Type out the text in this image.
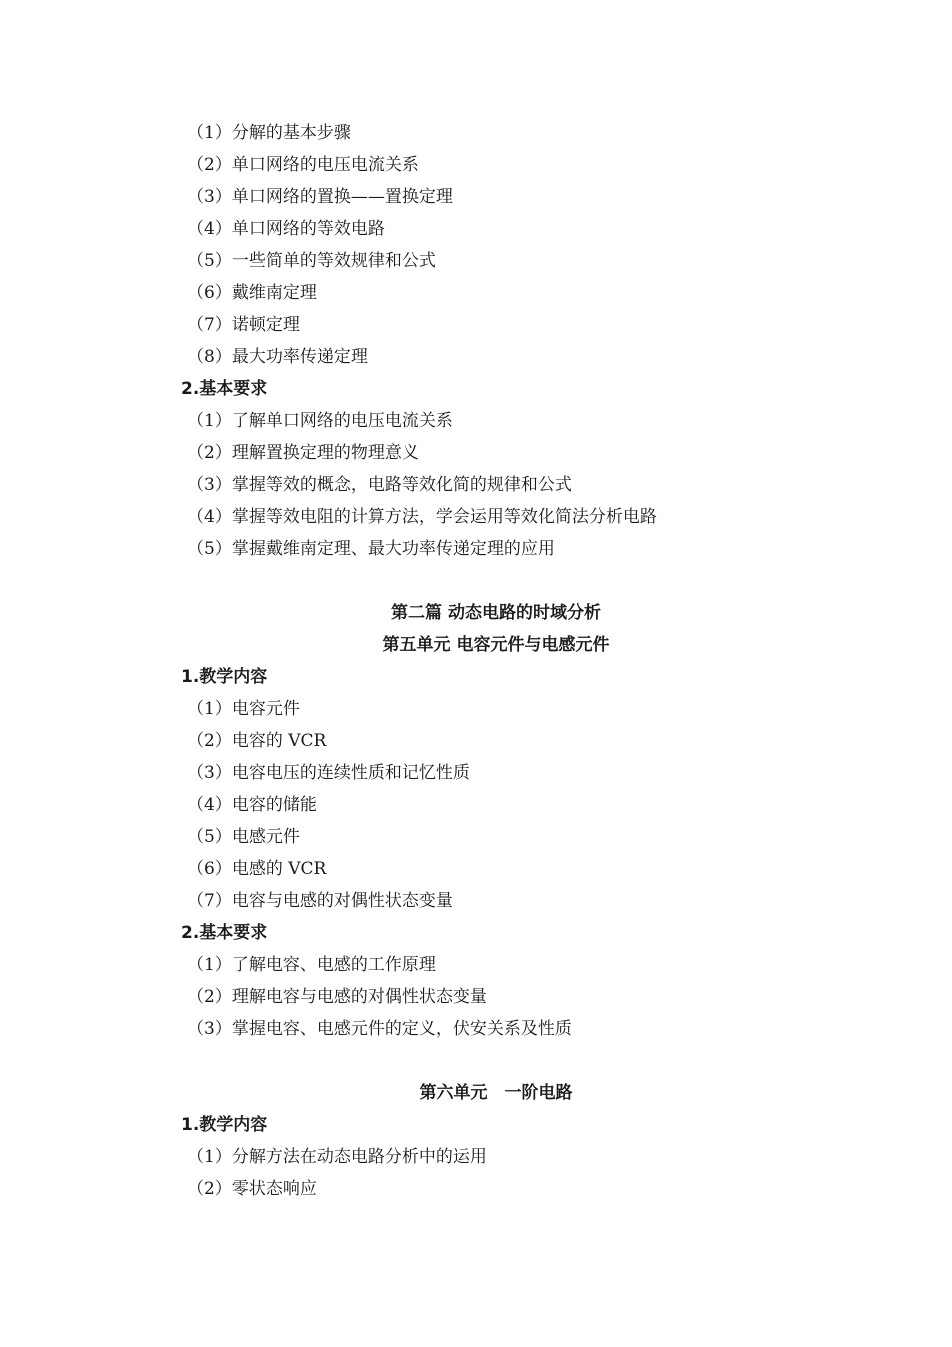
（1）分解的基本步骤
（2）单口网络的电压电流关系
（3）单口网络的置换——置换定理
（4）单口网络的等效电路
（5）一些简单的等效规律和公式
（6）戴维南定理
（7）诺顿定理
（8）最大功率传递定理
2.基本要求
（1）了解单口网络的电压电流关系
（2）理解置换定理的物理意义
（3）掌握等效的概念，电路等效化简的规律和公式
（4）掌握等效电阻的计算方法，学会运用等效化简法分析电路
（5）掌握戴维南定理、最大功率传递定理的应用
第二篇 动态电路的时域分析
第五单元 电容元件与电感元件
1.教学内容
（1）电容元件
（2）电容的 VCR
（3）电容电压的连续性质和记忆性质
（4）电容的储能
（5）电感元件
（6）电感的 VCR
（7）电容与电感的对偶性状态变量
2.基本要求
（1）了解电容、电感的工作原理
（2）理解电容与电感的对偶性状态变量
（3）掌握电容、电感元件的定义，伏安关系及性质
第六单元　一阶电路
1.教学内容
（1）分解方法在动态电路分析中的运用
（2）零状态响应
